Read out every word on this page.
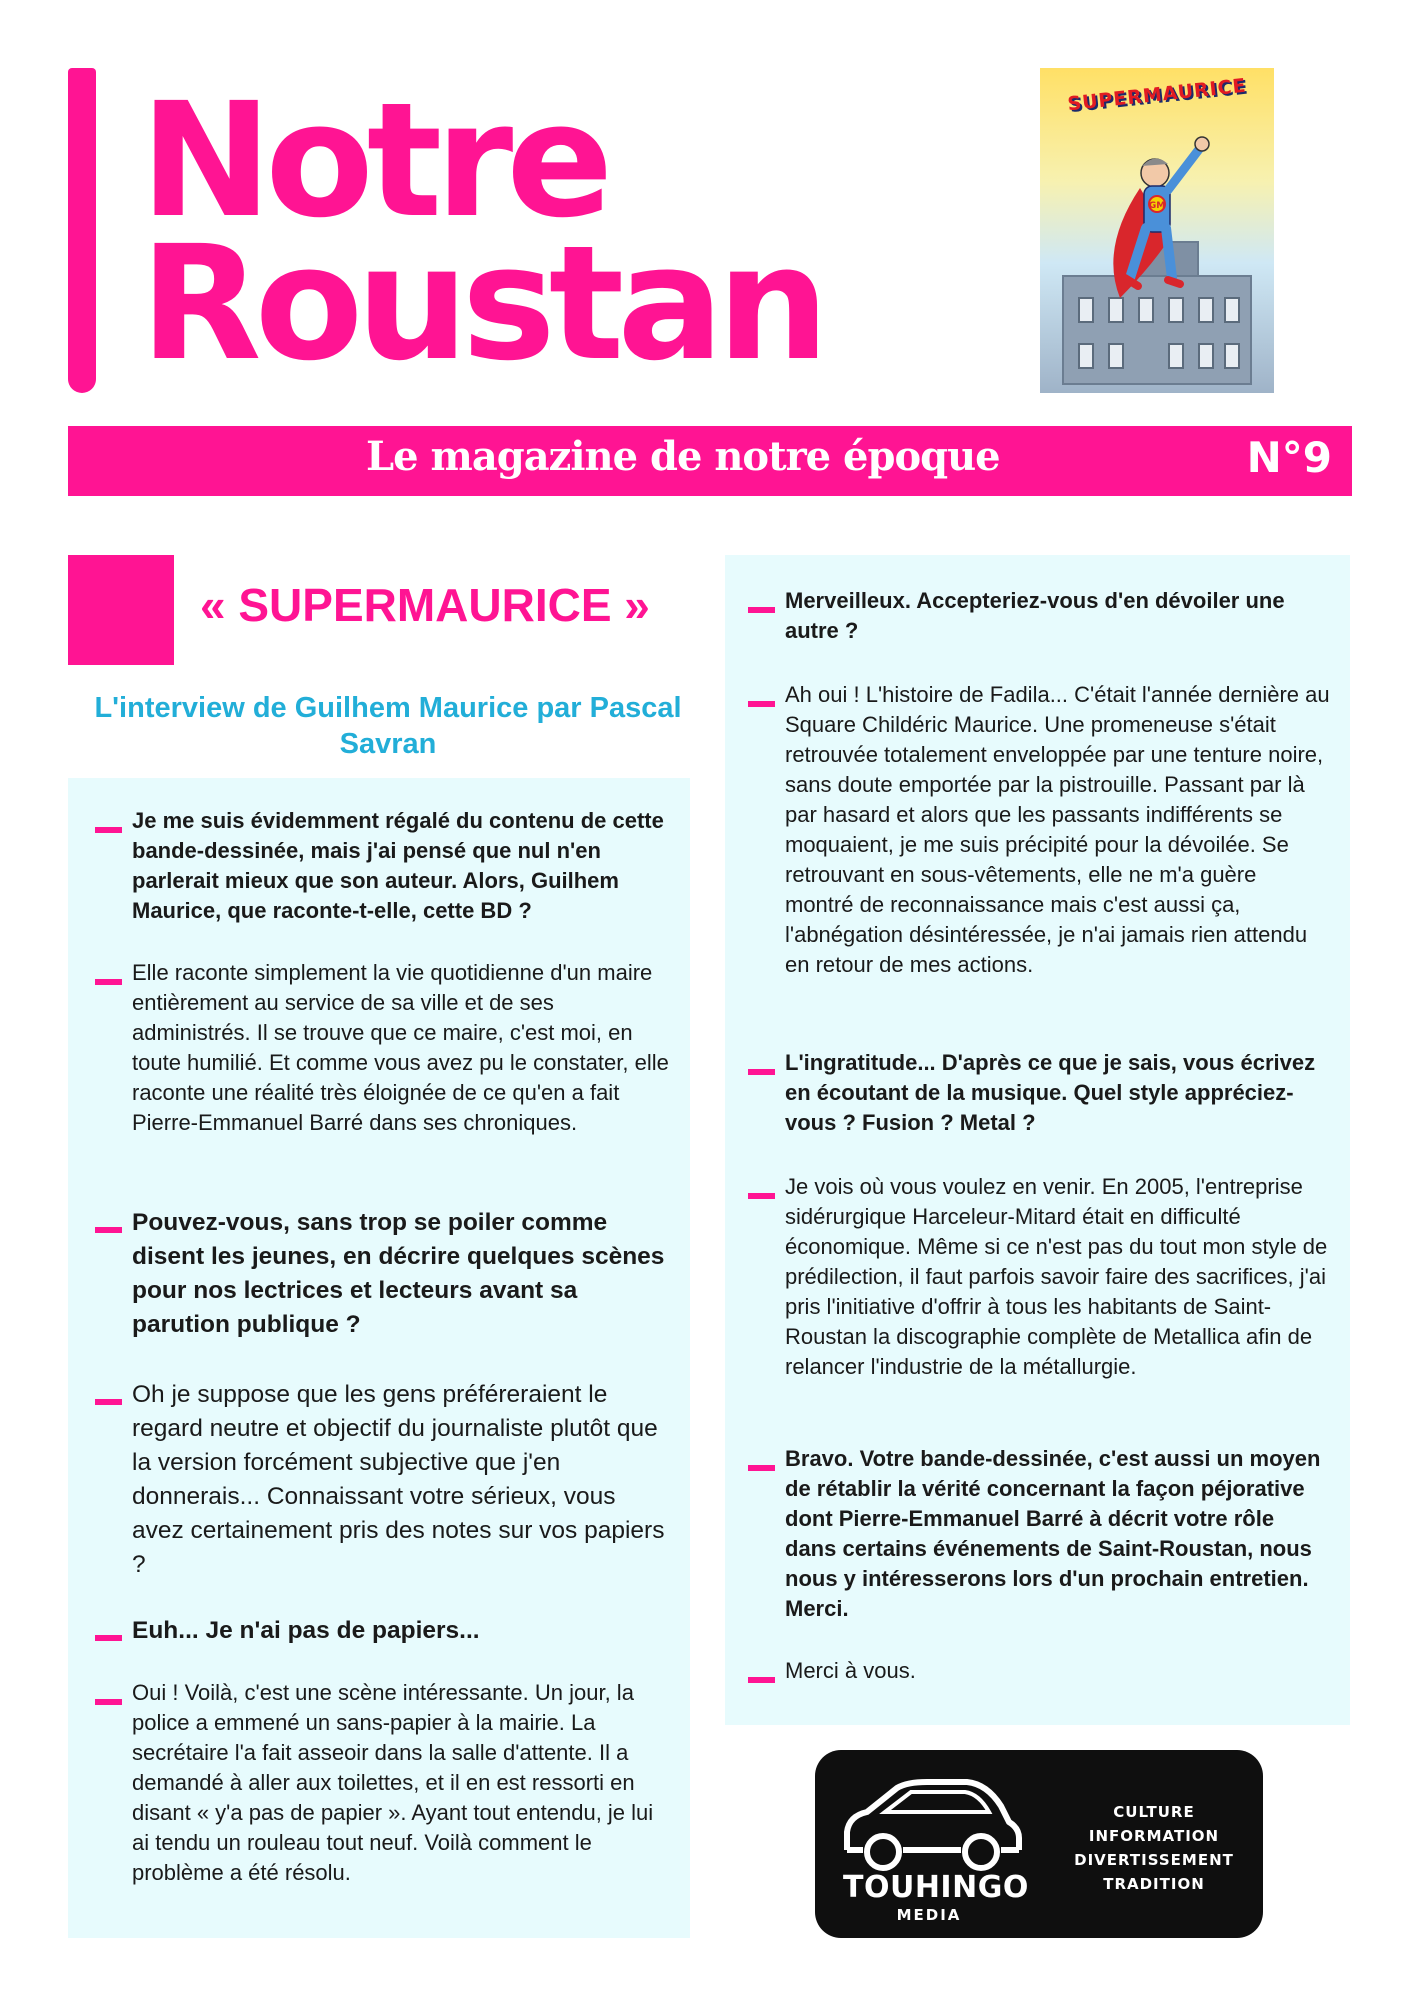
Notre
Roustan
SUPERMAURICE
GM
Le magazine de notre époque	N°9
« SUPERMAURICE »
L'interview de Guilhem Maurice par Pascal Savran
Je me suis évidemment régalé du contenu de cette bande-dessinée, mais j'ai pensé que nul n'en parlerait mieux que son auteur. Alors, Guilhem Maurice, que raconte-t-elle, cette BD ?
Elle raconte simplement la vie quotidienne d'un maire entièrement au service de sa ville et de ses administrés. Il se trouve que ce maire, c'est moi, en toute humilié. Et comme vous avez pu le constater, elle raconte une réalité très éloignée de ce qu'en a fait Pierre-Emmanuel Barré dans ses chroniques.
Pouvez-vous, sans trop se poiler comme disent les jeunes, en décrire quelques scènes pour nos lectrices et lecteurs avant sa parution publique ?
Oh je suppose que les gens préféreraient le regard neutre et objectif du journaliste plutôt que la version forcément subjective que j'en donnerais... Connaissant votre sérieux, vous avez certainement pris des notes sur vos papiers ?
Euh... Je n'ai pas de papiers...
Oui ! Voilà, c'est une scène intéressante. Un jour, la police a emmené un sans-papier à la mairie. La secrétaire l'a fait asseoir dans la salle d'attente. Il a demandé à aller aux toilettes, et il en est ressorti en disant « y'a pas de papier ». Ayant tout entendu, je lui ai tendu un rouleau tout neuf. Voilà comment le problème a été résolu.
Merveilleux. Accepteriez-vous d'en dévoiler une autre ?
Ah oui ! L'histoire de Fadila... C'était l'année dernière au Square Childéric Maurice. Une promeneuse s'était retrouvée totalement enveloppée par une tenture noire, sans doute emportée par la pistrouille. Passant par là par hasard et alors que les passants indifférents se moquaient, je me suis précipité pour la dévoilée. Se retrouvant en sous-vêtements, elle ne m'a guère montré de reconnaissance mais c'est aussi ça, l'abnégation désintéressée, je n'ai jamais rien attendu en retour de mes actions.
L'ingratitude... D'après ce que je sais, vous écrivez en écoutant de la musique. Quel style appréciez-vous ? Fusion ? Metal ?
Je vois où vous voulez en venir. En 2005, l'entreprise sidérurgique Harceleur-Mitard était en difficulté économique. Même si ce n'est pas du tout mon style de prédilection, il faut parfois savoir faire des sacrifices, j'ai pris l'initiative d'offrir à tous les habitants de Saint-Roustan la discographie complète de Metallica afin de relancer l'industrie de la métallurgie.
Bravo. Votre bande-dessinée, c'est aussi un moyen de rétablir la vérité concernant la façon péjorative dont Pierre-Emmanuel Barré à décrit votre rôle dans certains événements de Saint-Roustan, nous nous y intéresserons lors d'un prochain entretien. Merci.
Merci à vous.
TOUHINGO
MEDIA
CULTURE
INFORMATION
DIVERTISSEMENT
TRADITION
